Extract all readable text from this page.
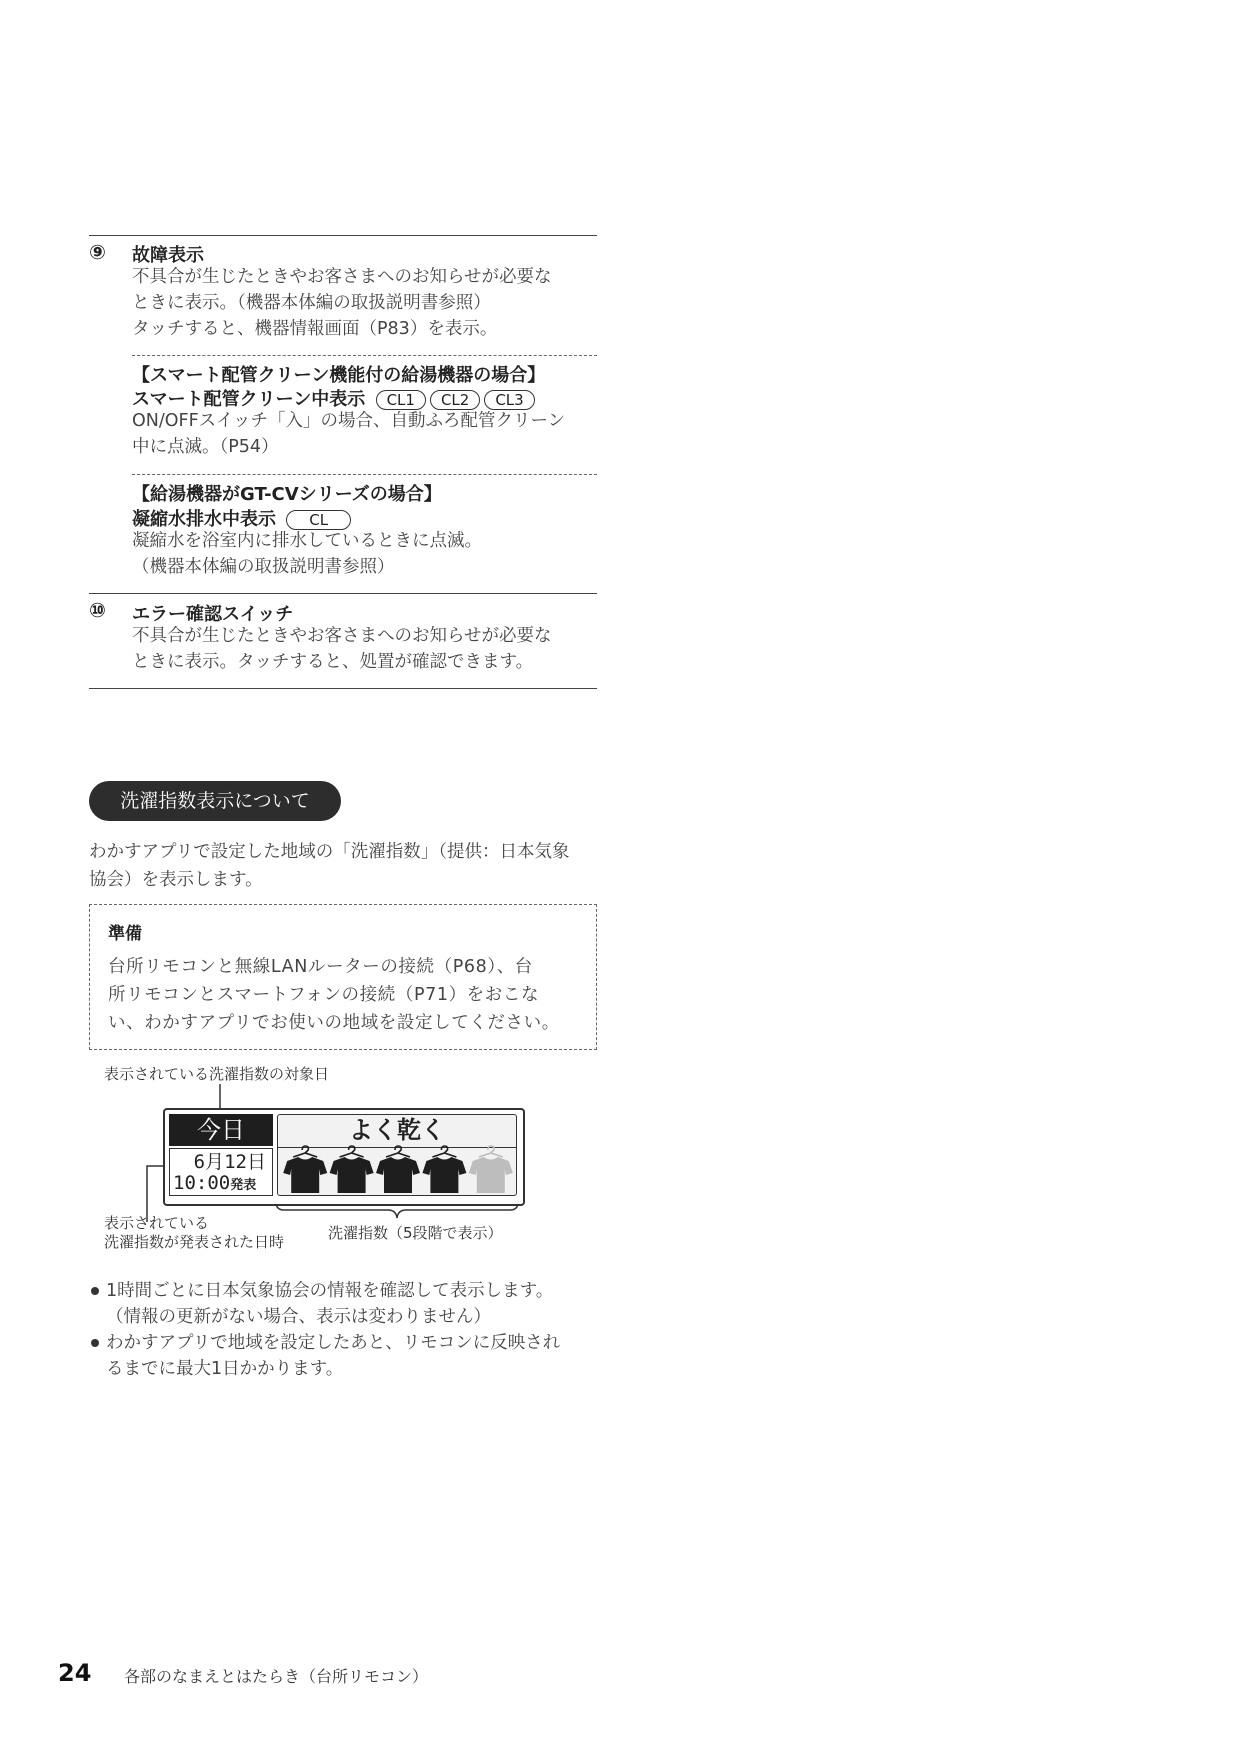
⑨ 故障表示
不具合が生じたときやお客さまへのお知らせが必要な
ときに表示。（機器本体編の取扱説明書参照）
タッチすると、機器情報画面（P83）を表示。
【スマート配管クリーン機能付の給湯機器の場合】
スマート配管クリーン中表示 CL1 CL2 CL3
ON/OFFスイッチ「入」の場合、自動ふろ配管クリーン
中に点滅。（P54）
【給湯機器がGT-CVシリーズの場合】
凝縮水排水中表示 CL
凝縮水を浴室内に排水しているときに点滅。
（機器本体編の取扱説明書参照）
⑩ エラー確認スイッチ
不具合が生じたときやお客さまへのお知らせが必要な
ときに表示。タッチすると、処置が確認できます。
洗濯指数表示について
わかすアプリで設定した地域の「洗濯指数」（提供：日本気象
協会）を表示します。
準備
台所リモコンと無線LANルーターの接続（P68）、台
所リモコンとスマートフォンの接続（P71）をおこな
い、わかすアプリでお使いの地域を設定してください。
表示されている洗濯指数の対象日
今日
6月12日
10:00発表
よく乾く
表示されている
洗濯指数が発表された日時	洗濯指数（5段階で表示）
1時間ごとに日本気象協会の情報を確認して表示します。
（情報の更新がない場合、表示は変わりません）
わかすアプリで地域を設定したあと、リモコンに反映され
るまでに最大1日かかります。
24 各部のなまえとはたらき（台所リモコン）
